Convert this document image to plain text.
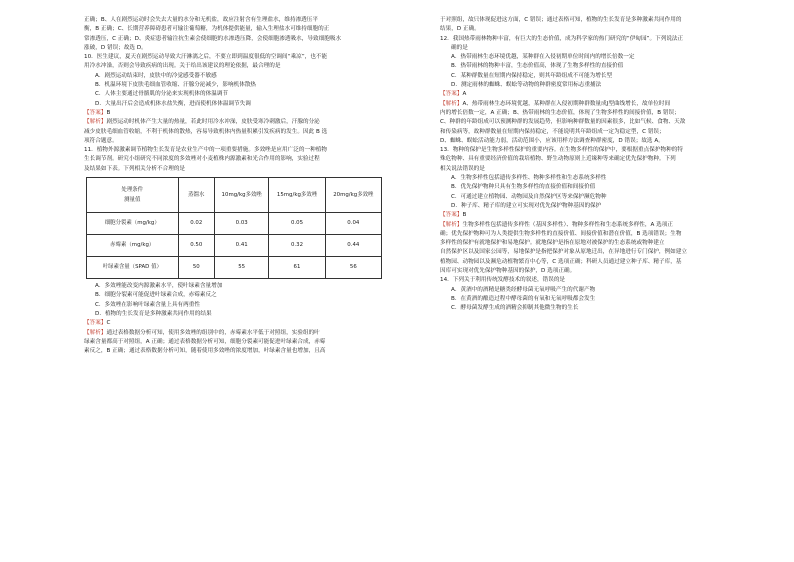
正确；B、人在剧烈运动时会失去大量的水分和无机盐，故应注射含有生理盐水，维持渗透压平
衡，B 正确；C、长期营养障碍患者可输注葡萄糖，为机体提供能量，输入生理盐水可维持细胞的正
常渗透压，C 正确；D、炎症患者输注抗生素会使细胞的水渗透压降，会使细胞渗透吸水，导致细胞吸水
涨破，D 错误；故选 D。
10．医生建议，夏天在剧烈运动导致大汗淋漓之后，不要立即到温度很低的空调间“乘凉”，也不能
用冷水冲澡，否则会导致疾病的出现。关于给出该建议的理论依据，最合理的是
A．剧烈运动结束时，皮肤中的冷觉感受器不敏感
B．机温环境下皮肤毛细血管收缩、汗腺分泌减少，影响机体散热
C．人体主要通过骨骼肌的分泌来实现机体的体温调节
D．大量出汗后会造成机体水盐失衡，进而使机体体温调节失调
【答案】B
【解析】剧烈运动时机体产生大量的热量，若此时用冷水冲澡，皮肤受寒冷刺激后，汗腺的分泌
减少皮肤毛细血管收缩，不利于机体的散热，容易导致机体内热量积累引发疾病的发生。因此 B 选
项符合题意。
11．植物外源激素调节植物生长发育是农业生产中的一项重要措施。多效唑是应用广泛的一种植物
生长调节剂。研究小组研究不同浓度的多效唑对小麦植株内源激素和光合作用的影响，实验过程
及结果如下表。下列相关分析不合理的是
处理条件
测量值	蒸馏水	10mg/kg多效唑	15mg/kg多效唑	20mg/kg多效唑
细胞分裂素（mg/kg）	0.02	0.03	0.05	0.04
赤霉素（mg/kg）	0.50	0.41	0.32	0.44
叶绿素含量（SPAD 值）	50	55	61	56
A．多效唑能改变内源激素水平，使叶绿素含量增加
B．细胞分裂素可能促进叶绿素合成，赤霉素反之
C．多效唑在影响叶绿素含量上具有两重性
D．植物的生长发育是多种激素共同作用的结果
【答案】C
【解析】通过表格数据分析可知，使用多效唑的组别中的，赤霉素水平低于对照组，实验组的叶
绿素含量都高于对照组，A 正确；通过表格数据分析可知，细胞分裂素可能促进叶绿素合成，赤霉
素反之，B 正确；通过表格数据分析可知，随着使用多效唑的浓度增加，叶绿素含量也增加，且高
于对照组，故只体现促进这方面，C 错误；通过表格可知，植物的生长发育是多种激素共同作用的
结果，D 正确。
12．我国热带雨林物种丰富，有巨大的生态价值，成为科学家的热门研究的“伊甸园”。下列说法正
确的是
A．热带雨林生态环境优越，某种群在入侵初期单位时间内的增长倍数一定
B．热带雨林的物种丰富，生态价值高，体现了生物多样性的直接价值
C．某种群数量在短期内保持稳定，则其年龄组成不可能为增长型
D．测定雨林的蜘蛛、蜈蚣等动物的种群密度常用标志重捕法
【答案】A
【解析】A、热带雨林生态环境优越，某种群在入侵初期种群数量成J型曲线增长，故单位时间
内的增长倍数一定，A 正确；B、热带雨林的生态价值，体现了生物多样性的间接价值，B 错误；
C、种群的年龄组成可以预测种群的发展趋势，但影响种群数量的因素很多，比如气候、食物、天敌
和传染病等，故种群数量在短期内保持稳定，不能说明其年龄组成一定为稳定型，C 错误；
D、蜘蛛、蜈蚣活动能力弱，活动范围小，应该用样方法调查种群密度，D 错误；故选 A。
13．物种的保护是生物多样性保护的重要内容。在生物多样性的保护中，要根据重点保护物种的特
殊危物种、具有重要经济价值的栽培植物、野生动物原则上近缘种等来确定优先保护物种。下列
相关说法错误的是
A．生物多样性包括遗传多样性、物种多样性和生态系统多样性
B．优先保护物种只具有生物多样性的直接价值和间接价值
C．可通过建立植物园、动物园及自然保护区等来保护濒危物种
D．种子库、精子库的建立可实现对优先保护物种基因的保护
【答案】B
【解析】生物多样性包括遗传多样性（基因多样性）、物种多样性和生态系统多样性，A 选项正
确；优先保护物种可为人类提供生物多样性的直接价值、间接价值和潜在价值，B 选项错误；生物
多样性的保护有就地保护和易地保护。就地保护是指在原地对被保护的生态系统或物种建立
自然保护区以及国家公园等，易地保护是指把保护对象从原地迁出，在异地进行专门保护，例如建立
植物园、动物园以及濒危动植物繁育中心等，C 选项正确；科研人员通过建立种子库、精子库，基
因库可实现对优先保护物种基因的保护，D 选项正确。
14．下列关于利用传统发酵技术的叙述，错误的是
A．黄酒中的酒精是糖类经酵母菌无氧呼吸产生的代谢产物
B．在黄酒的酿造过程中酵母菌的有氧和无氧呼吸都会发生
C．酵母菌发酵生成的酒精会抑制其他微生物的生长
